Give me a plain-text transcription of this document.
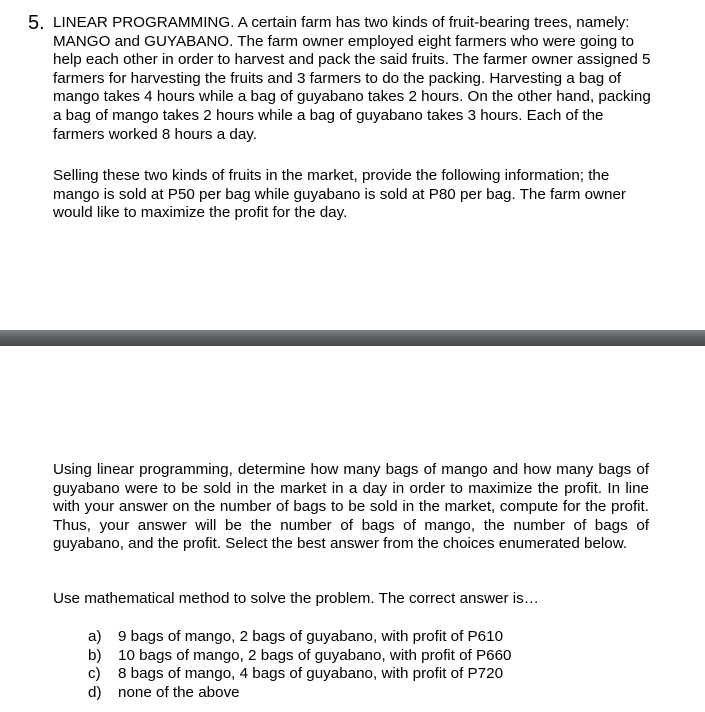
5. LINEAR PROGRAMMING. A certain farm has two kinds of fruit-bearing trees, namely: MANGO and GUYABANO. The farm owner employed eight farmers who were going to help each other in order to harvest and pack the said fruits. The farmer owner assigned 5 farmers for harvesting the fruits and 3 farmers to do the packing. Harvesting a bag of mango takes 4 hours while a bag of guyabano takes 2 hours. On the other hand, packing a bag of mango takes 2 hours while a bag of guyabano takes 3 hours. Each of the farmers worked 8 hours a day.
Selling these two kinds of fruits in the market, provide the following information; the mango is sold at P50 per bag while guyabano is sold at P80 per bag. The farm owner would like to maximize the profit for the day.
Using linear programming, determine how many bags of mango and how many bags of guyabano were to be sold in the market in a day in order to maximize the profit. In line with your answer on the number of bags to be sold in the market, compute for the profit. Thus, your answer will be the number of bags of mango, the number of bags of guyabano, and the profit. Select the best answer from the choices enumerated below.
Use mathematical method to solve the problem. The correct answer is…
a)	9 bags of mango, 2 bags of guyabano, with profit of P610
b)	10 bags of mango, 2 bags of guyabano, with profit of P660
c)	8 bags of mango, 4 bags of guyabano, with profit of P720
d)	none of the above
